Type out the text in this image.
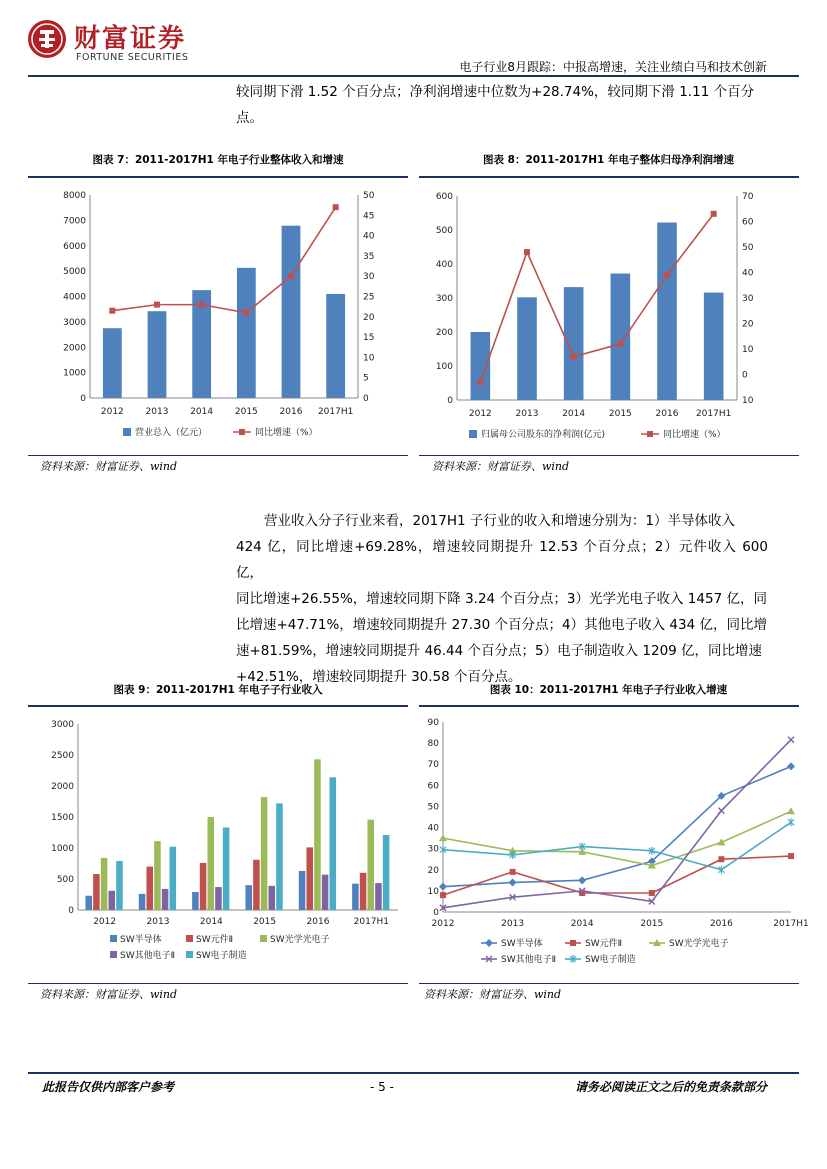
财富证券
FORTUNE SECURITIES
电子行业8月跟踪：中报高增速，关注业绩白马和技术创新
较同期下滑 1.52 个百分点；净利润增速中位数为+28.74%，较同期下滑 1.11 个百分
点。
图表 7：2011-2017H1 年电子行业整体收入和增速	图表 8：2011-2017H1 年电子整体归母净利润增速
0
1000
2000
3000
4000
5000
6000
7000
8000
0
5
10
15
20
25
30
35
40
45
50
2012 2013 2014 2015 2016 2017H1
营业总入（亿元）	同比增速（%）
0
100
200
300
400
500
600
10
0
10
20
30
40
50
60
70
2012	2013	2014	2015	2016 2017H1
归属母公司股东的净利润(亿元)	同比增速（%）
资料来源：财富证券、wind	资料来源：财富证券、wind
营业收入分子行业来看，2017H1 子行业的收入和增速分别为：1）半导体收入
424 亿，同比增速+69.28%，增速较同期提升 12.53 个百分点；2）元件收入 600 亿，
同比增速+26.55%，增速较同期下降 3.24 个百分点；3）光学光电子收入 1457 亿，同
比增速+47.71%，增速较同期提升 27.30 个百分点；4）其他电子收入 434 亿，同比增
速+81.59%，增速较同期提升 46.44 个百分点；5）电子制造收入 1209 亿，同比增速
+42.51%，增速较同期提升 30.58 个百分点。
图表 9：2011-2017H1 年电子子行业收入	图表 10：2011-2017H1 年电子子行业收入增速
0
500
1000
1500
2000
2500
3000
2012	2013	2014	2015	2016	2017H1
SW半导体	SW元件Ⅱ	SW光学光电子
SW其他电子Ⅱ SW电子制造
0
10
20
30
40
50
60
70
80
90
2012	2013	2014	2015	2016	2017H1
SW半导体	SW元件Ⅱ	SW光学光电子
SW其他电子Ⅱ	SW电子制造
资料来源：财富证券、wind	资料来源：财富证券、wind
此报告仅供内部客户参考	- 5 -	请务必阅读正文之后的免责条款部分
